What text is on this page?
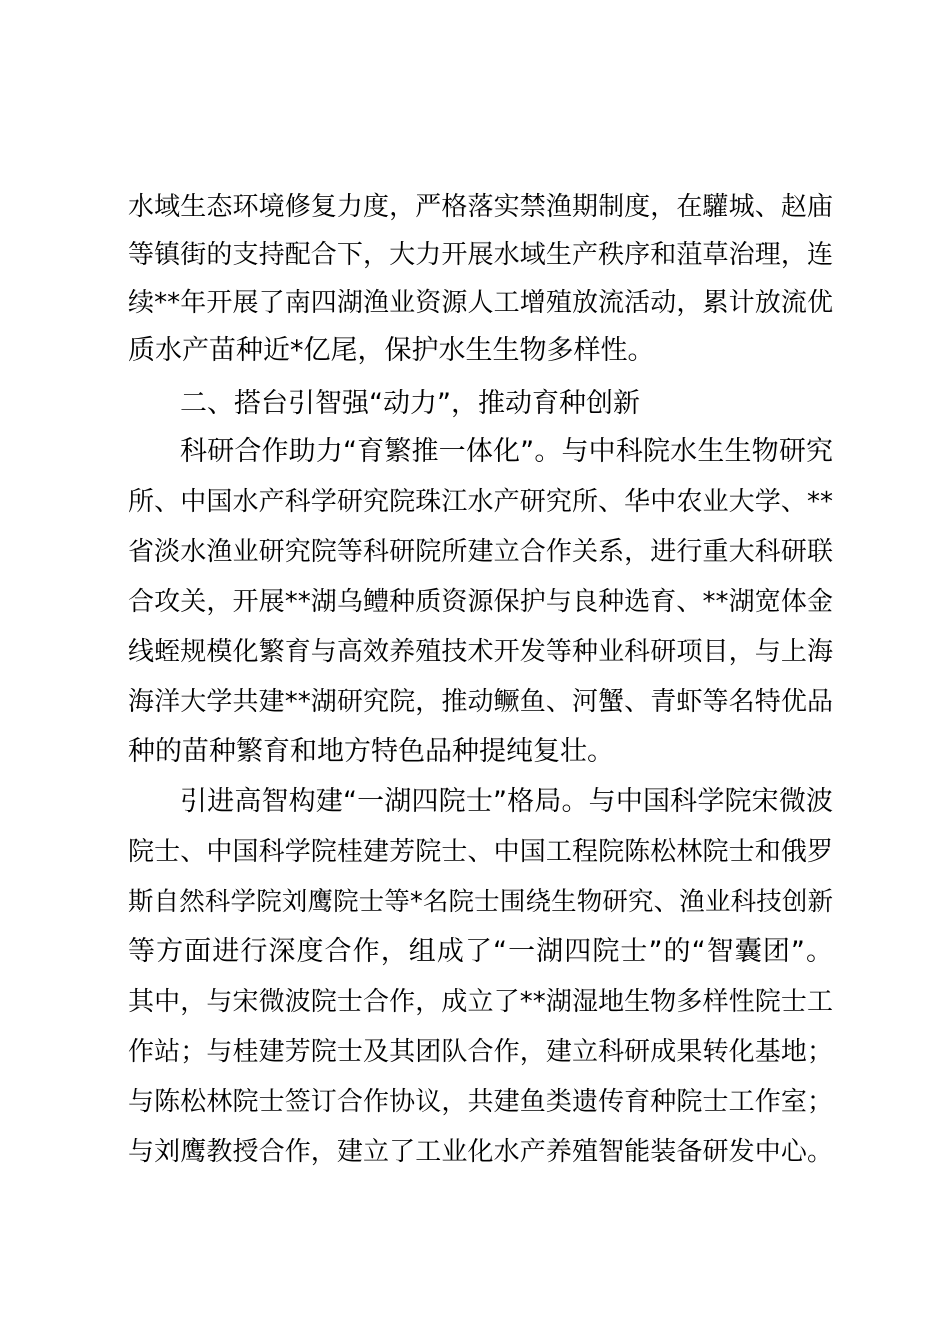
水域生态环境修复力度，严格落实禁渔期制度，在驩城、赵庙
等镇街的支持配合下，大力开展水域生产秩序和菹草治理，连
续**年开展了南四湖渔业资源人工增殖放流活动，累计放流优
质水产苗种近*亿尾，保护水生生物多样性。
二、搭台引智强“动力”，推动育种创新
科研合作助力“育繁推一体化”。与中科院水生生物研究
所、中国水产科学研究院珠江水产研究所、华中农业大学、**
省淡水渔业研究院等科研院所建立合作关系，进行重大科研联
合攻关，开展**湖乌鳢种质资源保护与良种选育、**湖宽体金
线蛭规模化繁育与高效养殖技术开发等种业科研项目，与上海
海洋大学共建**湖研究院，推动鳜鱼、河蟹、青虾等名特优品
种的苗种繁育和地方特色品种提纯复壮。
引进高智构建“一湖四院士”格局。与中国科学院宋微波
院士、中国科学院桂建芳院士、中国工程院陈松林院士和俄罗
斯自然科学院刘鹰院士等*名院士围绕生物研究、渔业科技创新
等方面进行深度合作，组成了“一湖四院士”的“智囊团”。
其中，与宋微波院士合作，成立了**湖湿地生物多样性院士工
作站；与桂建芳院士及其团队合作，建立科研成果转化基地；
与陈松林院士签订合作协议，共建鱼类遗传育种院士工作室；
与刘鹰教授合作，建立了工业化水产养殖智能装备研发中心。
